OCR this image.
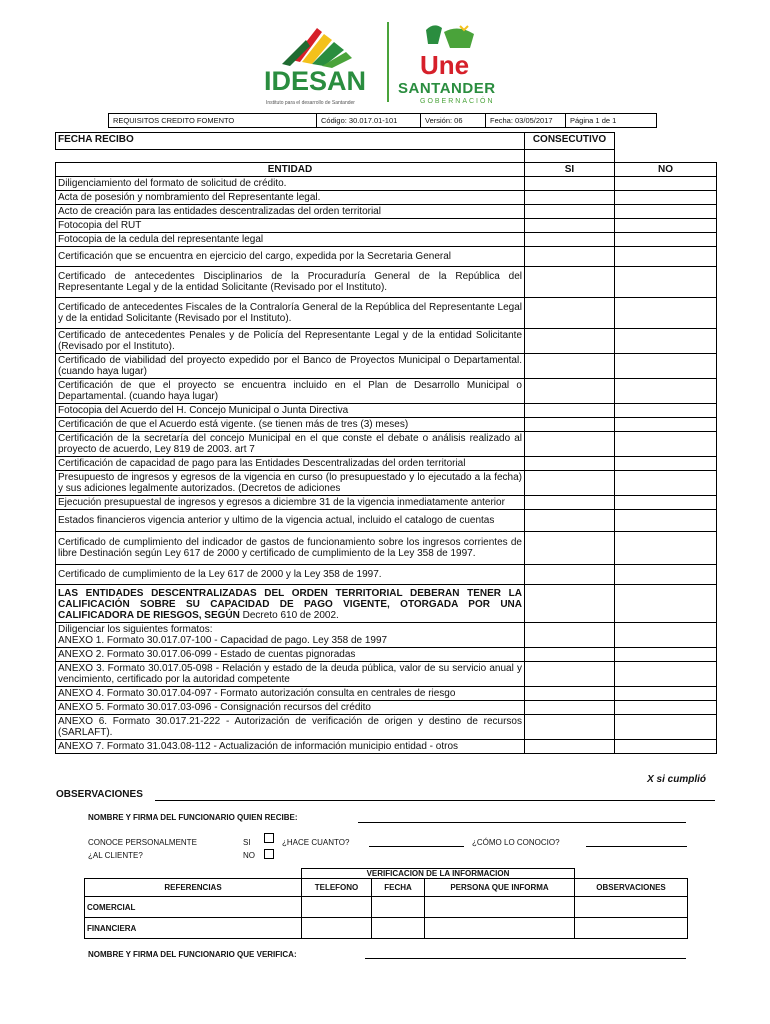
IDESAN
Instituto para el desarrollo de Santander
Une
SANTANDER
GOBERNACIÓN
REQUISITOS CREDITO FOMENTO	Código: 30.017.01-101	Versión: 06	Fecha: 03/05/2017	Página 1 de 1
FECHA RECIBO	CONSECUTIVO	

ENTIDAD	SI	NO
Diligenciamiento del formato de solicitud de crédito.		
Acta de posesión y nombramiento del Representante legal.		
Acto de creación para las entidades descentralizadas del orden territorial		
Fotocopia del RUT		
Fotocopia de la cedula del representante legal		
Certificación que se encuentra en ejercicio del cargo, expedida por la Secretaria General		
Certificado de antecedentes Disciplinarios de la Procuraduría General de la República del Representante Legal y de la entidad Solicitante (Revisado por el Instituto).		
Certificado de antecedentes Fiscales de la Contraloría General de la República del Representante Legal y de la entidad Solicitante (Revisado por el Instituto).		
Certificado de antecedentes Penales y de Policía del Representante Legal y de la entidad Solicitante (Revisado por el Instituto).		
Certificado de viabilidad del proyecto expedido por el Banco de Proyectos Municipal o Departamental. (cuando haya lugar)		
Certificación de que el proyecto se encuentra incluido en el Plan de Desarrollo Municipal o Departamental. (cuando haya lugar)		
Fotocopia del Acuerdo del H. Concejo Municipal o Junta Directiva		
Certificación de que el Acuerdo está vigente. (se tienen más de tres (3) meses)		
Certificación de la secretaría del concejo Municipal en el que conste el debate o análisis realizado al proyecto de acuerdo, Ley 819 de 2003. art 7		
Certificación de capacidad de pago para las Entidades Descentralizadas del orden territorial		
Presupuesto de ingresos y egresos de la vigencia en curso (lo presupuestado y lo ejecutado a la fecha) y sus adiciones legalmente autorizados. (Decretos de adiciones		
Ejecución presupuestal de ingresos y egresos a diciembre 31 de la vigencia inmediatamente anterior		
Estados financieros vigencia anterior y ultimo de la vigencia actual, incluido el catalogo de cuentas		
Certificado de cumplimiento del indicador de gastos de funcionamiento sobre los ingresos corrientes de libre Destinación según Ley 617 de 2000 y certificado de cumplimiento de la Ley 358 de 1997.		
Certificado de cumplimiento de la Ley 617 de 2000 y la Ley 358 de 1997.		
LAS ENTIDADES DESCENTRALIZADAS DEL ORDEN TERRITORIAL DEBERAN TENER LA CALIFICACIÓN SOBRE SU CAPACIDAD DE PAGO VIGENTE, OTORGADA POR UNA CALIFICADORA DE RIESGOS, SEGÚN Decreto 610 de 2002.		

Diligenciar los siguientes formatos:
ANEXO 1. Formato 30.017.07-100 - Capacidad de pago. Ley 358 de 1997		

ANEXO 2. Formato 30.017.06-099 - Estado de cuentas pignoradas		
ANEXO 3. Formato 30.017.05-098 - Relación y estado de la deuda pública, valor de su servicio anual y vencimiento, certificado por la autoridad competente		
ANEXO 4. Formato 30.017.04-097 - Formato autorización consulta en centrales de riesgo		
ANEXO 5. Formato 30.017.03-096 - Consignación recursos del crédito		
ANEXO 6. Formato 30.017.21-222 - Autorización de verificación de origen y destino de recursos (SARLAFT).		
ANEXO 7. Formato 31.043.08-112 - Actualización de información municipio entidad - otros		
X si cumplió
OBSERVACIONES
NOMBRE Y FIRMA DEL FUNCIONARIO QUIEN RECIBE:
CONOCE PERSONALMENTE
¿AL CLIENTE?
SI
NO
¿HACE CUANTO?	¿CÓMO LO CONOCIO?
	VERIFICACION DE LA INFORMACION			
REFERENCIAS	TELEFONO	FECHA	PERSONA QUE INFORMA	OBSERVACIONES
COMERCIAL				
FINANCIERA				
NOMBRE Y FIRMA DEL FUNCIONARIO QUE VERIFICA:
